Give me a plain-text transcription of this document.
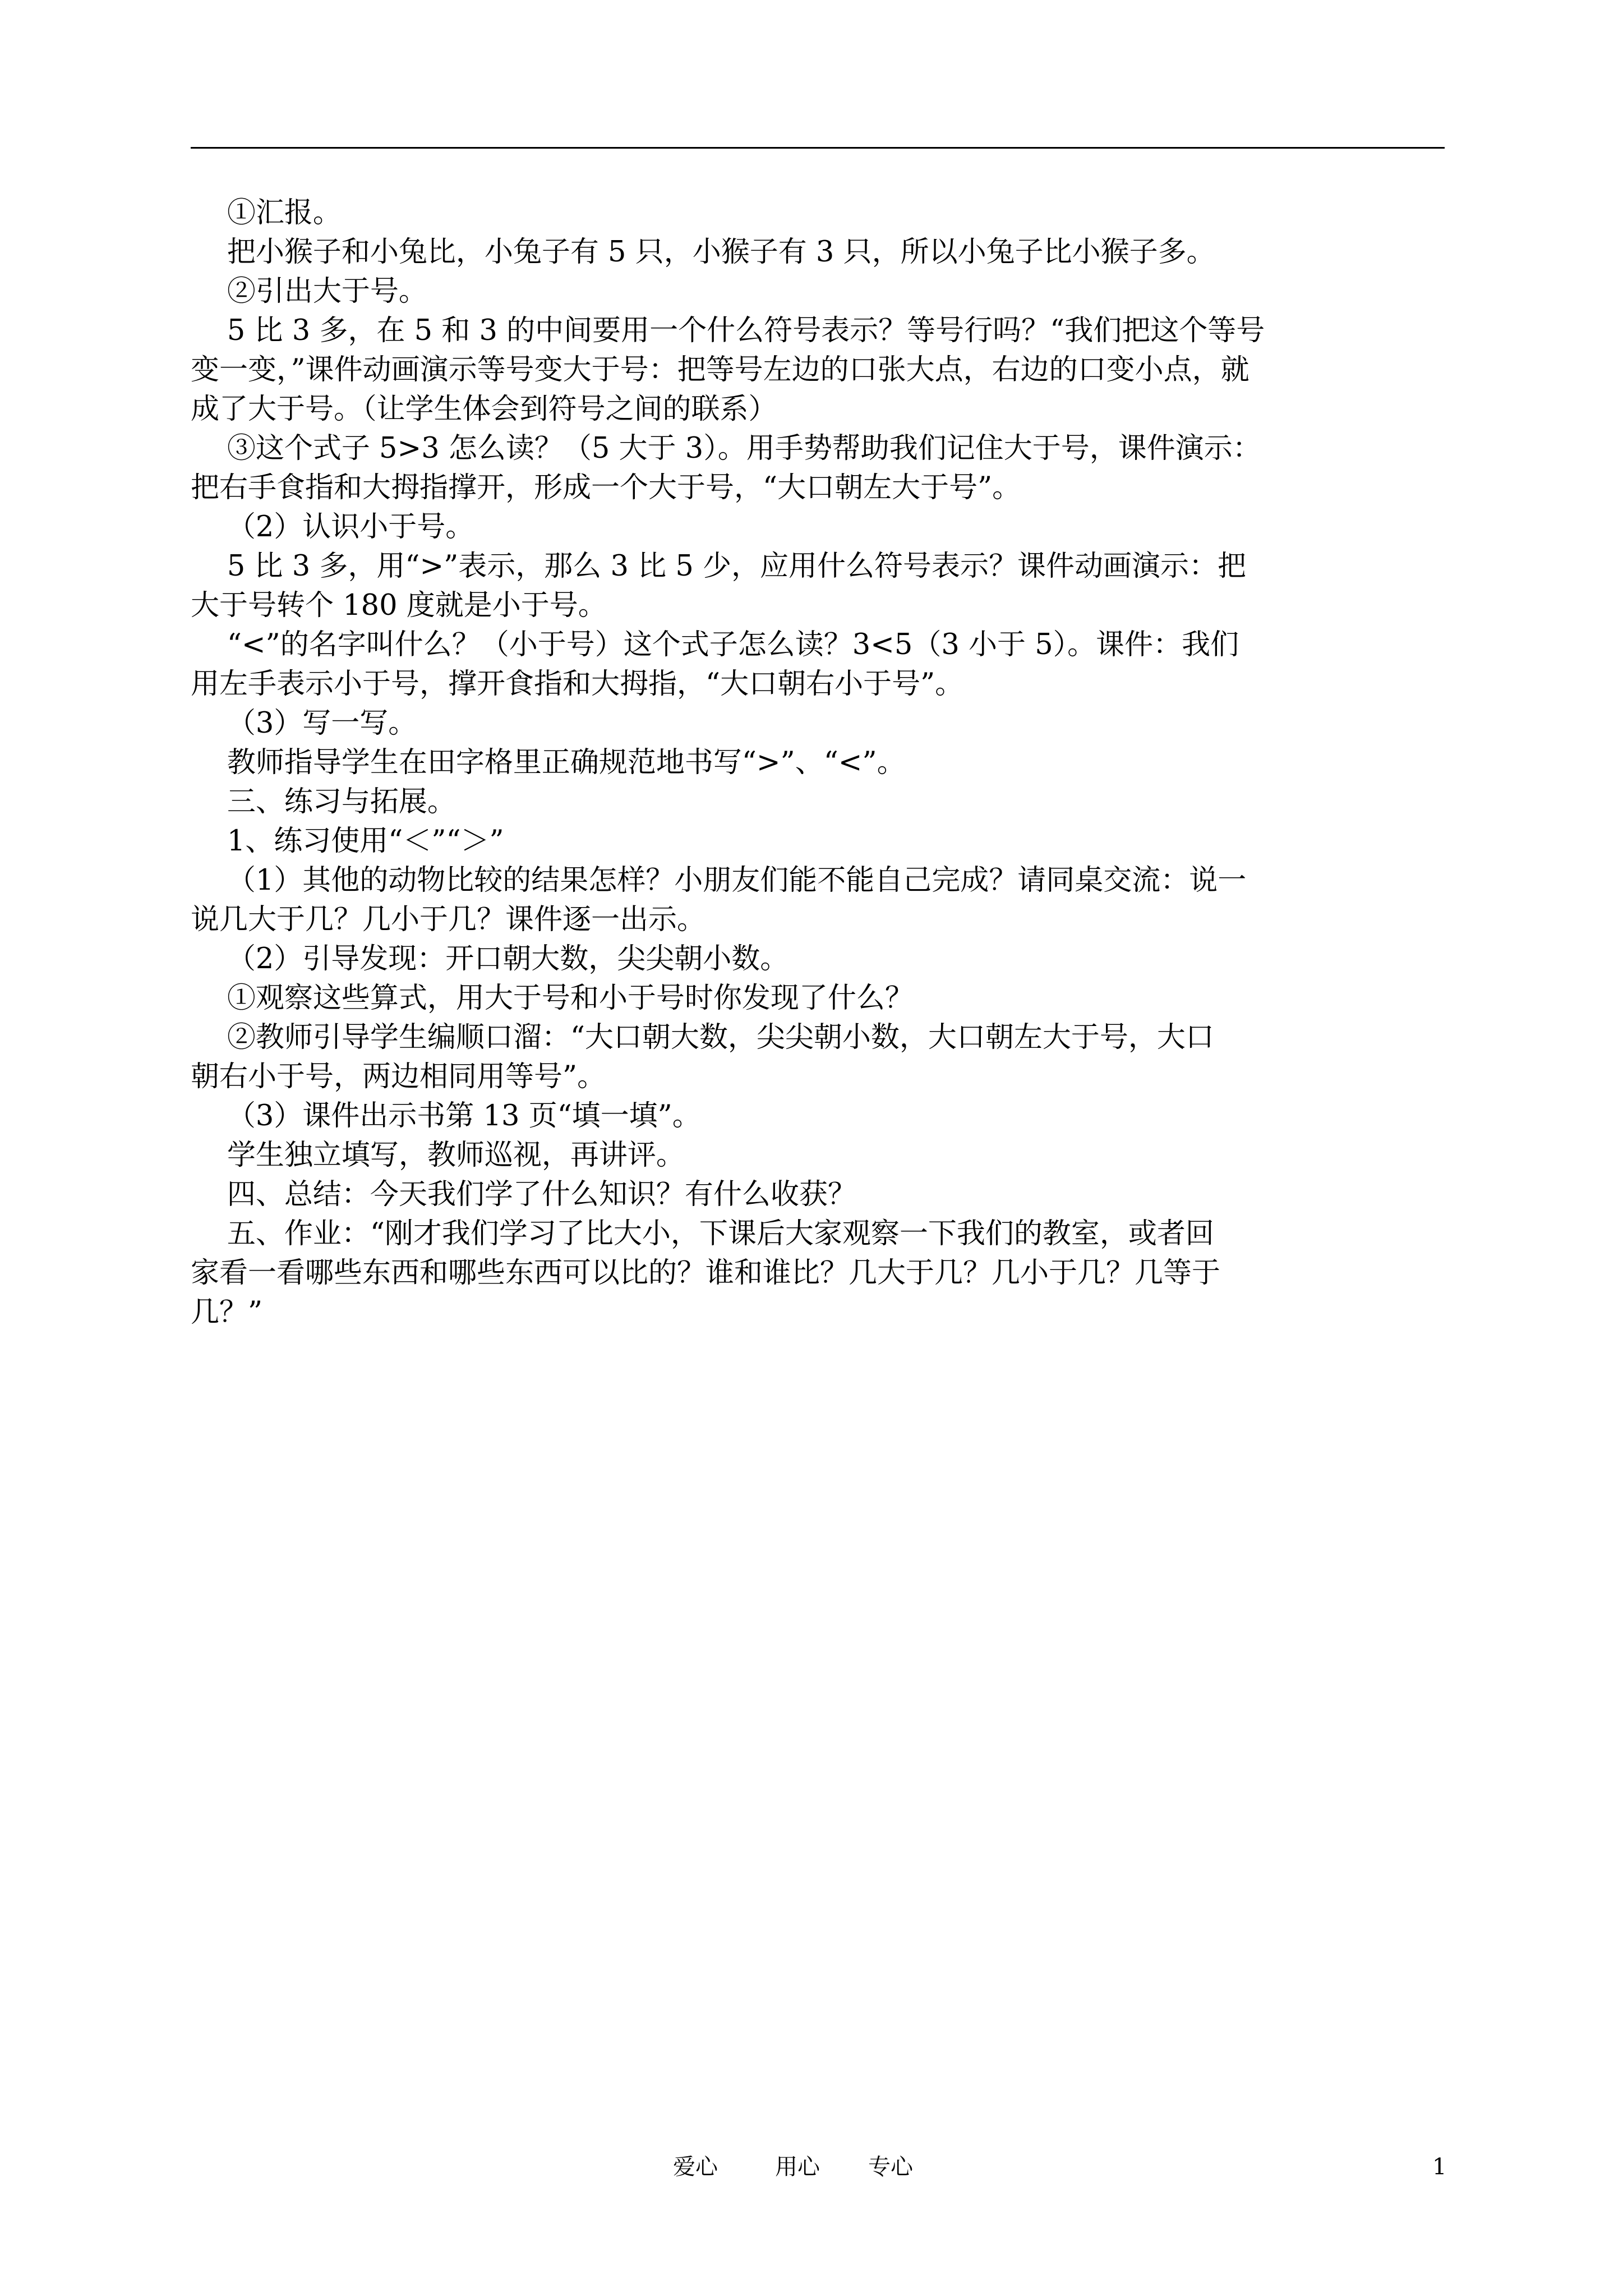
①汇报。
把小猴子和小兔比，小兔子有 5 只，小猴子有 3 只，所以小兔子比小猴子多。
②引出大于号。
5 比 3 多，在 5 和 3 的中间要用一个什么符号表示？等号行吗？“我们把这个等号
变一变，”课件动画演示等号变大于号：把等号左边的口张大点，右边的口变小点，就
成了大于号。（让学生体会到符号之间的联系）
③这个式子 5>3 怎么读？（5 大于 3）。用手势帮助我们记住大于号，课件演示：
把右手食指和大拇指撑开，形成一个大于号，“大口朝左大于号”。
（2）认识小于号。
5 比 3 多，用“>”表示，那么 3 比 5 少，应用什么符号表示？课件动画演示：把
大于号转个 180 度就是小于号。
“<”的名字叫什么？（小于号）这个式子怎么读？3<5（3 小于 5）。课件：我们
用左手表示小于号，撑开食指和大拇指，“大口朝右小于号”。
（3）写一写。
教师指导学生在田字格里正确规范地书写“>”、“<”。
三、练习与拓展。
1、练习使用“＜”“＞”
（1）其他的动物比较的结果怎样？小朋友们能不能自己完成？请同桌交流：说一
说几大于几？几小于几？课件逐一出示。
（2）引导发现：开口朝大数，尖尖朝小数。
①观察这些算式，用大于号和小于号时你发现了什么？
②教师引导学生编顺口溜：“大口朝大数，尖尖朝小数，大口朝左大于号，大口
朝右小于号，两边相同用等号”。
（3）课件出示书第 13 页“填一填”。
学生独立填写，教师巡视，再讲评。
四、总结：今天我们学了什么知识？有什么收获？
五、作业：“刚才我们学习了比大小，下课后大家观察一下我们的教室，或者回
家看一看哪些东西和哪些东西可以比的？谁和谁比？几大于几？几小于几？几等于
几？”
爱心	用心 专心	1
